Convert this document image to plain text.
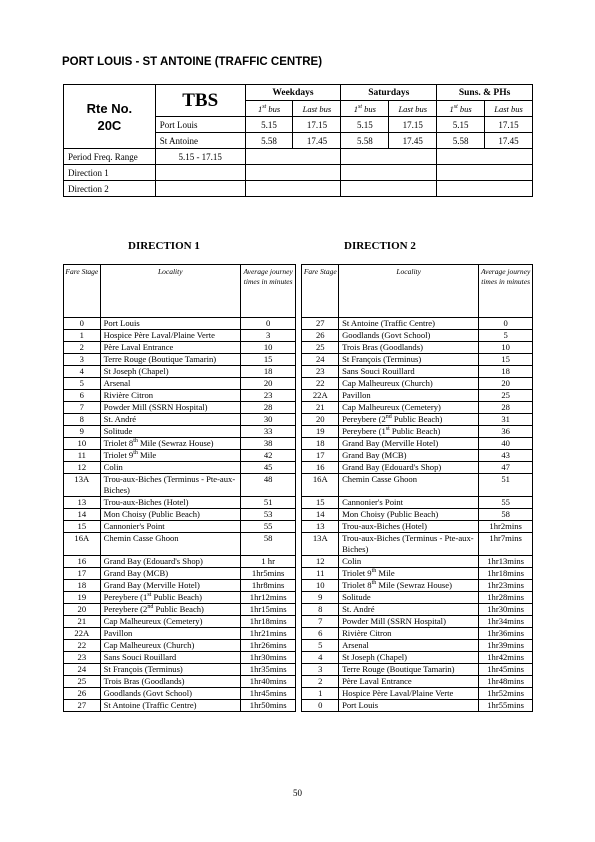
PORT LOUIS - ST ANTOINE (TRAFFIC CENTRE)
Rte No.
20C	TBS	Weekdays		Saturdays		Suns. & PHs	
		1st bus	Last bus	1st bus	Last bus	1st bus	Last bus
	Port Louis	5.15	17.15	5.15	17.15	5.15	17.15
	St Antoine	5.58	17.45	5.58	17.45	5.58	17.45
Period Freq. Range	5.15 - 17.15						
Direction 1							
Direction 2							
DIRECTION 1	DIRECTION 2
Fare Stage	Locality	Average journey times in minutes		Fare Stage	Locality	Average journey times in minutes
0	Port Louis	0		27	St Antoine (Traffic Centre)	0
1	Hospice Père Laval/Plaine Verte	3		26	Goodlands (Govt School)	5
2	Père Laval Entrance	10		25	Trois Bras (Goodlands)	10
3	Terre Rouge (Boutique Tamarin)	15		24	St François (Terminus)	15
4	St Joseph (Chapel)	18		23	Sans Souci Rouillard	18
5	Arsenal	20		22	Cap Malheureux (Church)	20
6	Rivière Citron	23		22A	Pavillon	25
7	Powder Mill (SSRN Hospital)	28		21	Cap Malheureux (Cemetery)	28
8	St. André	30		20	Pereybere (2nd Public Beach)	31
9	Solitude	33		19	Pereybere (1st Public Beach)	36
10	Triolet 8th Mile (Sewraz House)	38		18	Grand Bay (Merville Hotel)	40
11	Triolet 9th Mile	42		17	Grand Bay (MCB)	43
12	Colin	45		16	Grand Bay (Edouard's Shop)	47
13A	Trou-aux-Biches (Terminus - Pte-aux-Biches)	48		16A	Chemin Casse Ghoon	51
13	Trou-aux-Biches (Hotel)	51		15	Cannonier's Point	55
14	Mon Choisy (Public Beach)	53		14	Mon Choisy (Public Beach)	58
15	Cannonier's Point	55		13	Trou-aux-Biches (Hotel)	1hr2mins
16A	Chemin Casse Ghoon	58		13A	Trou-aux-Biches (Terminus - Pte-aux-Biches)	1hr7mins
16	Grand Bay (Edouard's Shop)	1 hr		12	Colin	1hr13mins
17	Grand Bay (MCB)	1hr5mins		11	Triolet 9th Mile	1hr18mins
18	Grand Bay (Merville Hotel)	1hr8mins		10	Triolet 8th Mile (Sewraz House)	1hr23mins
19	Pereybere (1st Public Beach)	1hr12mins		9	Solitude	1hr28mins
20	Pereybere (2nd Public Beach)	1hr15mins		8	St. André	1hr30mins
21	Cap Malheureux (Cemetery)	1hr18mins		7	Powder Mill (SSRN Hospital)	1hr34mins
22A	Pavillon	1hr21mins		6	Rivière Citron	1hr36mins
22	Cap Malheureux (Church)	1hr26mins		5	Arsenal	1hr39mins
23	Sans Souci Rouillard	1hr30mins		4	St Joseph (Chapel)	1hr42mins
24	St François (Terminus)	1hr35mins		3	Terre Rouge (Boutique Tamarin)	1hr45mins
25	Trois Bras (Goodlands)	1hr40mins		2	Père Laval Entrance	1hr48mins
26	Goodlands (Govt School)	1hr45mins		1	Hospice Père Laval/Plaine Verte	1hr52mins
27	St Antoine (Traffic Centre)	1hr50mins		0	Port Louis	1hr55mins
50
